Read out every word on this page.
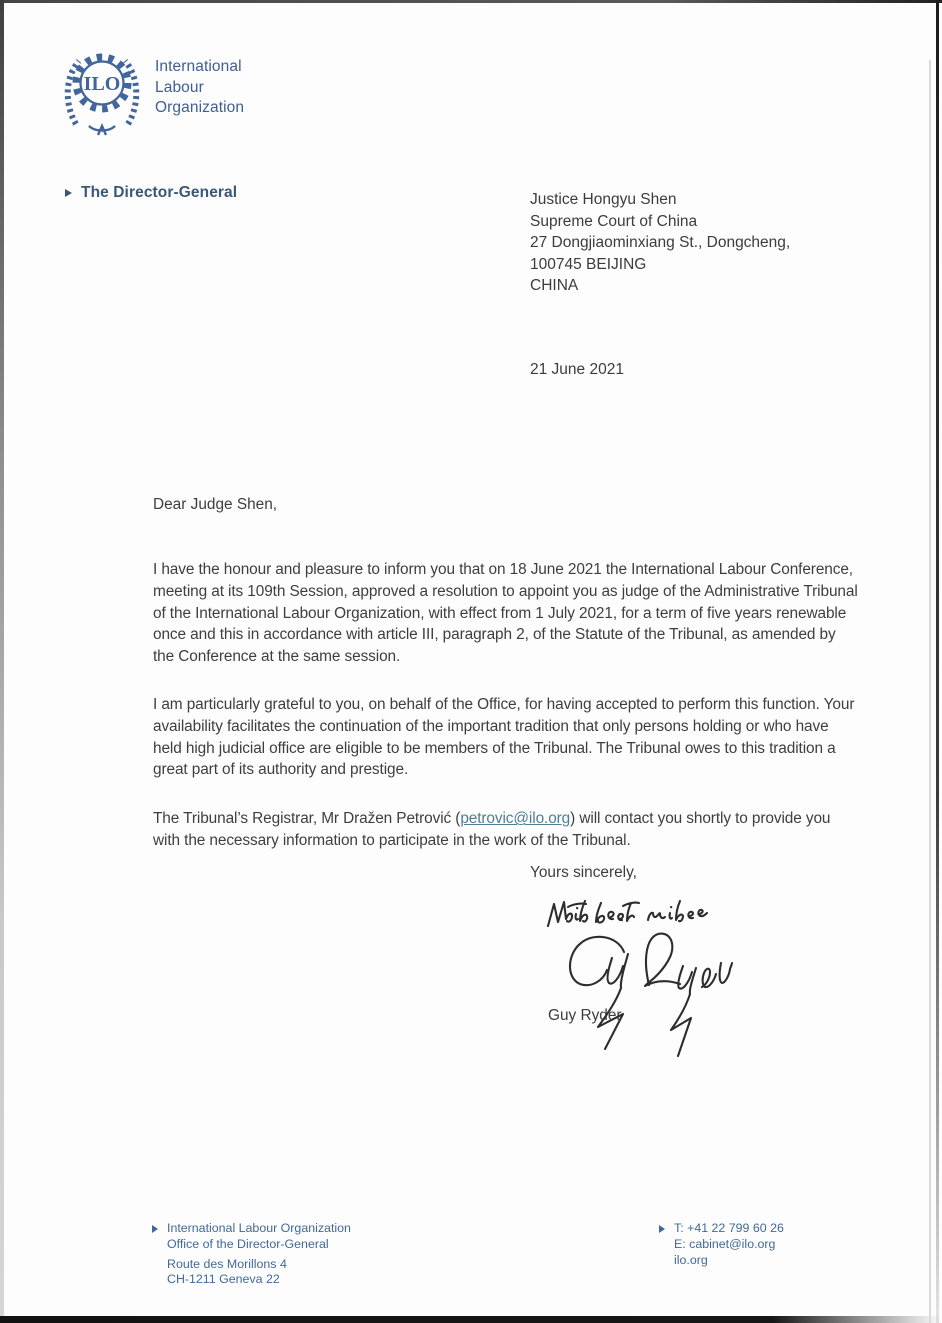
ILO
International
Labour
Organization
The Director-General	Justice Hongyu Shen
Supreme Court of China
27 Dongjiaominxiang St., Dongcheng,
100745 BEIJING
CHINA
21 June 2021
Dear Judge Shen,

I have the honour and pleasure to inform you that on 18 June 2021 the International Labour Conference, meeting at its 109th Session, approved a resolution to appoint you as judge of the Administrative Tribunal of the International Labour Organization, with effect from 1 July 2021, for a term of five years renewable once and this in accordance with article III, paragraph 2, of the Statute of the Tribunal, as amended by the Conference at the same session.

I am particularly grateful to you, on behalf of the Office, for having accepted to perform this function. Your availability facilitates the continuation of the important tradition that only persons holding or who have held high judicial office are eligible to be members of the Tribunal. The Tribunal owes to this tradition a great part of its authority and prestige.

The Tribunal’s Registrar, Mr Dražen Petrović (petrovic@ilo.org) will contact you shortly to provide you with the necessary information to participate in the work of the Tribunal.

Yours sincerely,
Guy Ryder
International Labour Organization
Office of the Director-General
Route des Morillons 4
CH-1211 Geneva 22
T: +41 22 799 60 26
E: cabinet@ilo.org
ilo.org
